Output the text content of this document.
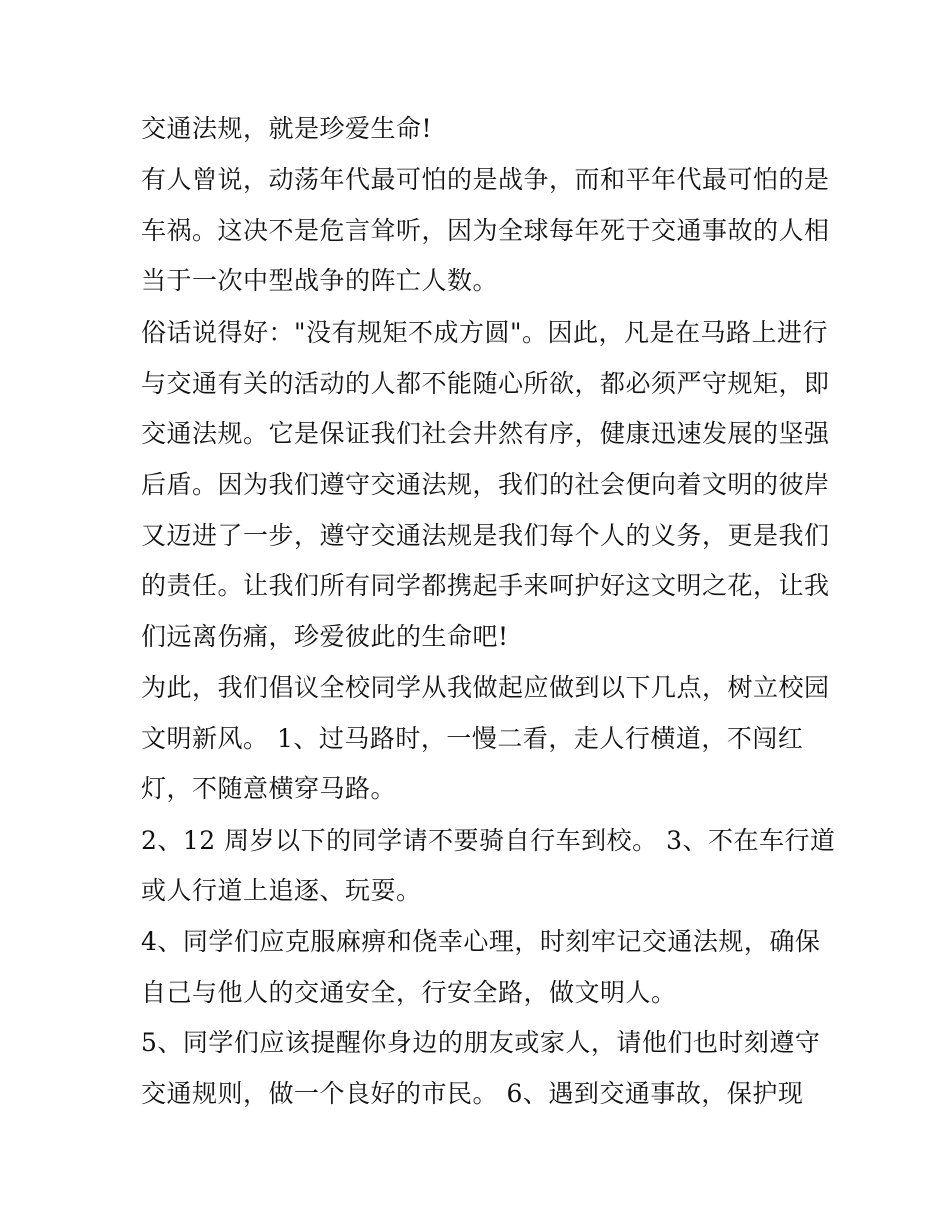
交通法规，就是珍爱生命!
有人曾说，动荡年代最可怕的是战争，而和平年代最可怕的是
车祸。这决不是危言耸听，因为全球每年死于交通事故的人相
当于一次中型战争的阵亡人数。
俗话说得好："没有规矩不成方圆"。因此，凡是在马路上进行
与交通有关的活动的人都不能随心所欲，都必须严守规矩，即
交通法规。它是保证我们社会井然有序，健康迅速发展的坚强
后盾。因为我们遵守交通法规，我们的社会便向着文明的彼岸
又迈进了一步，遵守交通法规是我们每个人的义务，更是我们
的责任。让我们所有同学都携起手来呵护好这文明之花，让我
们远离伤痛，珍爱彼此的生命吧!
为此，我们倡议全校同学从我做起应做到以下几点，树立校园
文明新风。 1、过马路时，一慢二看，走人行横道，不闯红
灯，不随意横穿马路。
2、12 周岁以下的同学请不要骑自行车到校。 3、不在车行道
或人行道上追逐、玩耍。
4、同学们应克服麻痹和侥幸心理，时刻牢记交通法规，确保
自己与他人的交通安全，行安全路，做文明人。
5、同学们应该提醒你身边的朋友或家人，请他们也时刻遵守
交通规则，做一个良好的市民。 6、遇到交通事故，保护现
